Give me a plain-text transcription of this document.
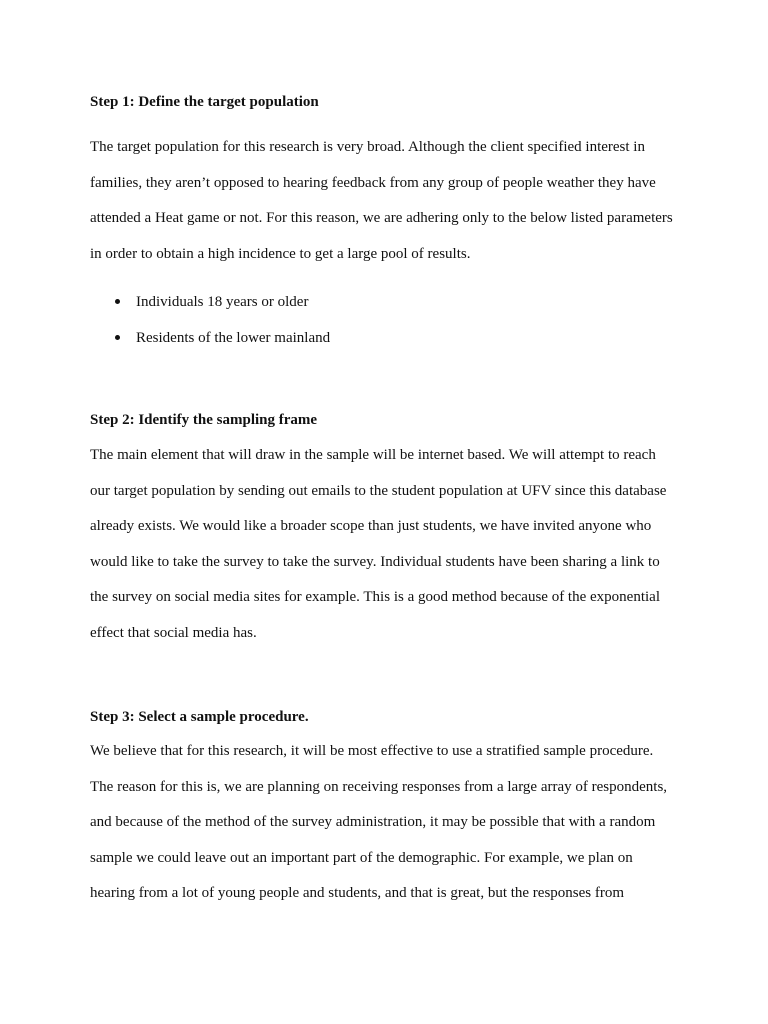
Step 1: Define the target population

The target population for this research is very broad. Although the client specified interest in
families, they aren’t opposed to hearing feedback from any group of people weather they have
attended a Heat game or not. For this reason, we are adhering only to the below listed parameters
in order to obtain a high incidence to get a large pool of results.

Individuals 18 years or older
Residents of the lower mainland
Step 2: Identify the sampling frame

The main element that will draw in the sample will be internet based. We will attempt to reach
our target population by sending out emails to the student population at UFV since this database
already exists. We would like a broader scope than just students, we have invited anyone who
would like to take the survey to take the survey. Individual students have been sharing a link to
the survey on social media sites for example. This is a good method because of the exponential
effect that social media has.

Step 3: Select a sample procedure.

We believe that for this research, it will be most effective to use a stratified sample procedure.
The reason for this is, we are planning on receiving responses from a large array of respondents,
and because of the method of the survey administration, it may be possible that with a random
sample we could leave out an important part of the demographic. For example, we plan on
hearing from a lot of young people and students, and that is great, but the responses from
